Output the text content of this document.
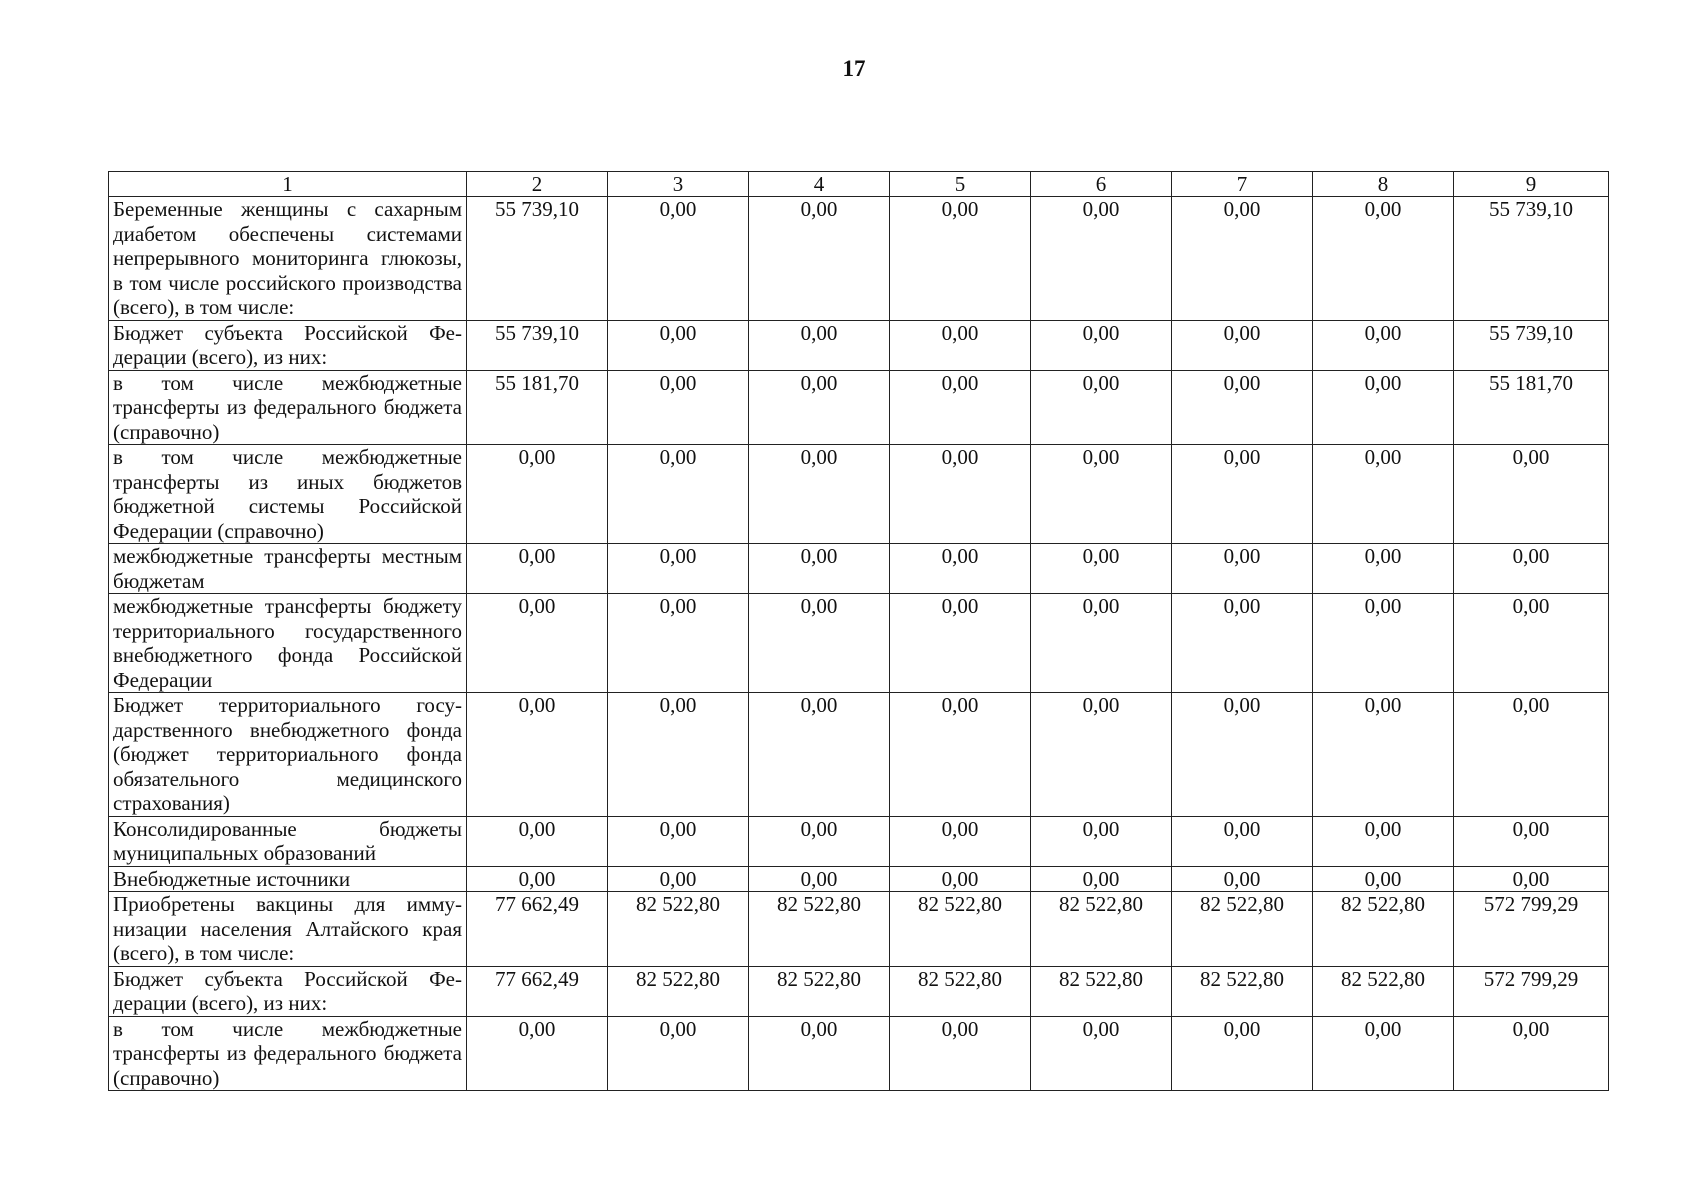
17
1	2	3	4	5	6	7	8	9
Беременные женщины с сахарным диабетом обеспечены системами непрерывного мониторинга глюкозы, в том числе российского производства (всего), в том числе:	55 739,10	0,00	0,00	0,00	0,00	0,00	0,00	55 739,10
Бюджет субъекта Российской Федерации (всего), из них:	55 739,10	0,00	0,00	0,00	0,00	0,00	0,00	55 739,10
в том числе межбюджетные трансферты из федерального бюджета (справочно)	55 181,70	0,00	0,00	0,00	0,00	0,00	0,00	55 181,70
в том числе межбюджетные трансферты из иных бюджетов бюджетной системы Российской Федерации (справочно)	0,00	0,00	0,00	0,00	0,00	0,00	0,00	0,00
межбюджетные трансферты местным бюджетам	0,00	0,00	0,00	0,00	0,00	0,00	0,00	0,00
межбюджетные трансферты бюджету территориального государственного внебюджетного фонда Российской Федерации	0,00	0,00	0,00	0,00	0,00	0,00	0,00	0,00
Бюджет территориального государственного внебюджетного фонда (бюджет территориального фонда обязательного медицинского страхования)	0,00	0,00	0,00	0,00	0,00	0,00	0,00	0,00
Консолидированные бюджеты муниципальных образований	0,00	0,00	0,00	0,00	0,00	0,00	0,00	0,00
Внебюджетные источники	0,00	0,00	0,00	0,00	0,00	0,00	0,00	0,00
Приобретены вакцины для иммунизации населения Алтайского края (всего), в том числе:	77 662,49	82 522,80	82 522,80	82 522,80	82 522,80	82 522,80	82 522,80	572 799,29
Бюджет субъекта Российской Федерации (всего), из них:	77 662,49	82 522,80	82 522,80	82 522,80	82 522,80	82 522,80	82 522,80	572 799,29
в том числе межбюджетные трансферты из федерального бюджета (справочно)	0,00	0,00	0,00	0,00	0,00	0,00	0,00	0,00
